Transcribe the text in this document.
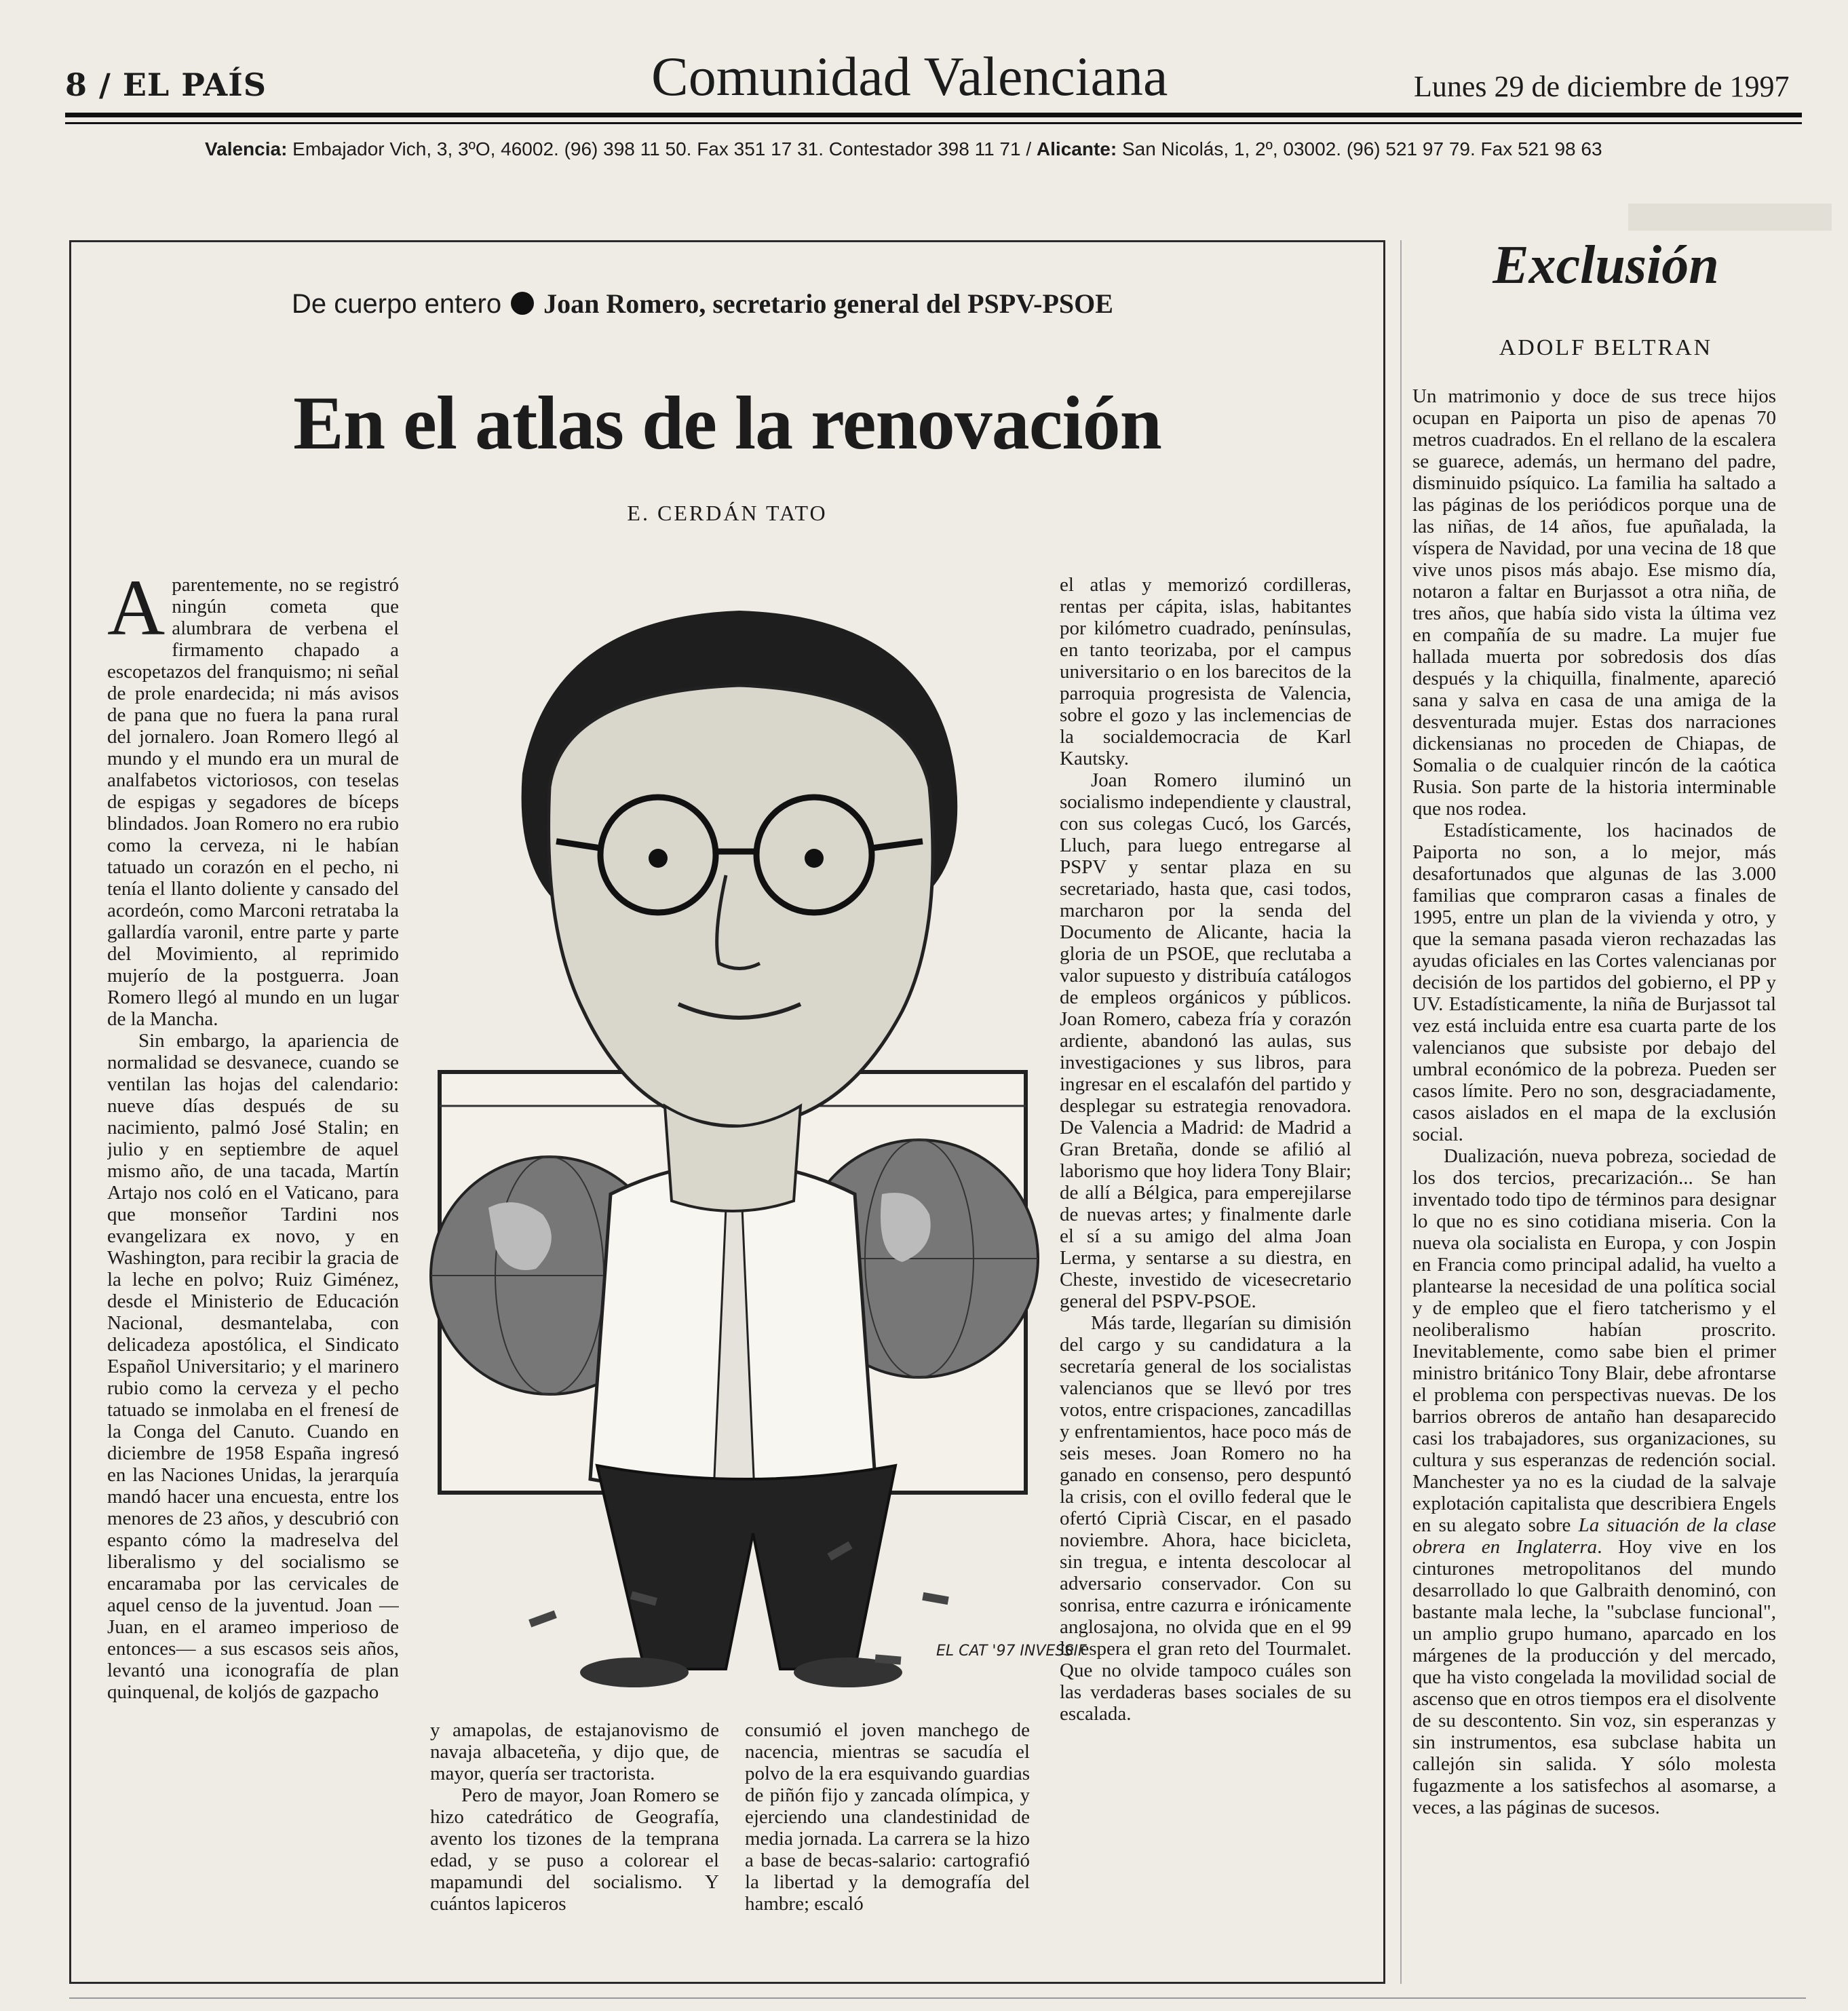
8 / EL PAÍS	Comunidad Valenciana	Lunes 29 de diciembre de 1997
Valencia: Embajador Vich, 3, 3ºO, 46002. (96) 398 11 50. Fax 351 17 31. Contestador 398 11 71 / Alicante: San Nicolás, 1, 2º, 03002. (96) 521 97 79. Fax 521 98 63
De cuerpo entero Joan Romero, secretario general del PSPV-PSOE
En el atlas de la renovación
E. CERDÁN TATO

Aparentemente, no se registró ningún cometa que alumbrara de verbena el firmamento chapado a escopetazos del franquismo; ni señal de prole enardecida; ni más avisos de pana que no fuera la pana rural del jornalero. Joan Romero llegó al mundo y el mundo era un mural de analfabetos victoriosos, con teselas de espigas y segadores de bíceps blindados. Joan Romero no era rubio como la cerveza, ni le habían tatuado un corazón en el pecho, ni tenía el llanto doliente y cansado del acordeón, como Marconi retrataba la gallardía varonil, entre parte y parte del Movimiento, al reprimido mujerío de la postguerra. Joan Romero llegó al mundo en un lugar de la Mancha.

Sin embargo, la apariencia de normalidad se desvanece, cuando se ventilan las hojas del calendario: nueve días después de su nacimiento, palmó José Stalin; en julio y en septiembre de aquel mismo año, de una tacada, Martín Artajo nos coló en el Vaticano, para que monseñor Tardini nos evangelizara ex novo, y en Washington, para recibir la gracia de la leche en polvo; Ruiz Giménez, desde el Ministerio de Educación Nacional, desmantelaba, con delicadeza apostólica, el Sindicato Español Universitario; y el marinero rubio como la cerveza y el pecho tatuado se inmolaba en el frenesí de la Conga del Canuto. Cuando en diciembre de 1958 España ingresó en las Naciones Unidas, la jerarquía mandó hacer una encuesta, entre los menores de 23 años, y descubrió con espanto cómo la madreselva del liberalismo y del socialismo se encaramaba por las cervicales de aquel censo de la juventud. Joan —Juan, en el arameo imperioso de entonces— a sus escasos seis años, levantó una iconografía de plan quinquenal, de koljós de gazpacho

EL CAT '97 INVESSIF

y amapolas, de estajanovismo de navaja albaceteña, y dijo que, de mayor, quería ser tractorista.

Pero de mayor, Joan Romero se hizo catedrático de Geografía, avento los tizones de la temprana edad, y se puso a colorear el mapamundi del socialismo. Y cuántos lapiceros

consumió el joven manchego de nacencia, mientras se sacudía el polvo de la era esquivando guardias de piñón fijo y zancada olímpica, y ejerciendo una clandestinidad de media jornada. La carrera se la hizo a base de becas-salario: cartografió la libertad y la demografía del hambre; escaló

el atlas y memorizó cordilleras, rentas per cápita, islas, habitantes por kilómetro cuadrado, penínsulas, en tanto teorizaba, por el campus universitario o en los barecitos de la parroquia progresista de Valencia, sobre el gozo y las inclemencias de la socialdemocracia de Karl Kautsky.

Joan Romero iluminó un socialismo independiente y claustral, con sus colegas Cucó, los Garcés, Lluch, para luego entregarse al PSPV y sentar plaza en su secretariado, hasta que, casi todos, marcharon por la senda del Documento de Alicante, hacia la gloria de un PSOE, que reclutaba a valor supuesto y distribuía catálogos de empleos orgánicos y públicos. Joan Romero, cabeza fría y corazón ardiente, abandonó las aulas, sus investigaciones y sus libros, para ingresar en el escalafón del partido y desplegar su estrategia renovadora. De Valencia a Madrid: de Madrid a Gran Bretaña, donde se afilió al laborismo que hoy lidera Tony Blair; de allí a Bélgica, para emperejilarse de nuevas artes; y finalmente darle el sí a su amigo del alma Joan Lerma, y sentarse a su diestra, en Cheste, investido de vicesecretario general del PSPV-PSOE.

Más tarde, llegarían su dimisión del cargo y su candidatura a la secretaría general de los socialistas valencianos que se llevó por tres votos, entre crispaciones, zancadillas y enfrentamientos, hace poco más de seis meses. Joan Romero no ha ganado en consenso, pero despuntó la crisis, con el ovillo federal que le ofertó Ciprià Ciscar, en el pasado noviembre. Ahora, hace bicicleta, sin tregua, e intenta descolocar al adversario conservador. Con su sonrisa, entre cazurra e irónicamente anglosajona, no olvida que en el 99 le espera el gran reto del Tourmalet. Que no olvide tampoco cuáles son las verdaderas bases sociales de su escalada.

Exclusión
ADOLF BELTRAN

Un matrimonio y doce de sus trece hijos ocupan en Paiporta un piso de apenas 70 metros cuadrados. En el rellano de la escalera se guarece, además, un hermano del padre, disminuido psíquico. La familia ha saltado a las páginas de los periódicos porque una de las niñas, de 14 años, fue apuñalada, la víspera de Navidad, por una vecina de 18 que vive unos pisos más abajo. Ese mismo día, notaron a faltar en Burjassot a otra niña, de tres años, que había sido vista la última vez en compañía de su madre. La mujer fue hallada muerta por sobredosis dos días después y la chiquilla, finalmente, apareció sana y salva en casa de una amiga de la desventurada mujer. Estas dos narraciones dickensianas no proceden de Chiapas, de Somalia o de cualquier rincón de la caótica Rusia. Son parte de la historia interminable que nos rodea.

Estadísticamente, los hacinados de Paiporta no son, a lo mejor, más desafortunados que algunas de las 3.000 familias que compraron casas a finales de 1995, entre un plan de la vivienda y otro, y que la semana pasada vieron rechazadas las ayudas oficiales en las Cortes valencianas por decisión de los partidos del gobierno, el PP y UV. Estadísticamente, la niña de Burjassot tal vez está incluida entre esa cuarta parte de los valencianos que subsiste por debajo del umbral económico de la pobreza. Pueden ser casos límite. Pero no son, desgraciadamente, casos aislados en el mapa de la exclusión social.

Dualización, nueva pobreza, sociedad de los dos tercios, precarización... Se han inventado todo tipo de términos para designar lo que no es sino cotidiana miseria. Con la nueva ola socialista en Europa, y con Jospin en Francia como principal adalid, ha vuelto a plantearse la necesidad de una política social y de empleo que el fiero tatcherismo y el neoliberalismo habían proscrito. Inevitablemente, como sabe bien el primer ministro británico Tony Blair, debe afrontarse el problema con perspectivas nuevas. De los barrios obreros de antaño han desaparecido casi los trabajadores, sus organizaciones, su cultura y sus esperanzas de redención social. Manchester ya no es la ciudad de la salvaje explotación capitalista que describiera Engels en su alegato sobre La situación de la clase obrera en Inglaterra. Hoy vive en los cinturones metropolitanos del mundo desarrollado lo que Galbraith denominó, con bastante mala leche, la "subclase funcional", un amplio grupo humano, aparcado en los márgenes de la producción y del mercado, que ha visto congelada la movilidad social de ascenso que en otros tiempos era el disolvente de su descontento. Sin voz, sin esperanzas y sin instrumentos, esa subclase habita un callejón sin salida. Y sólo molesta fugazmente a los satisfechos al asomarse, a veces, a las páginas de sucesos.
